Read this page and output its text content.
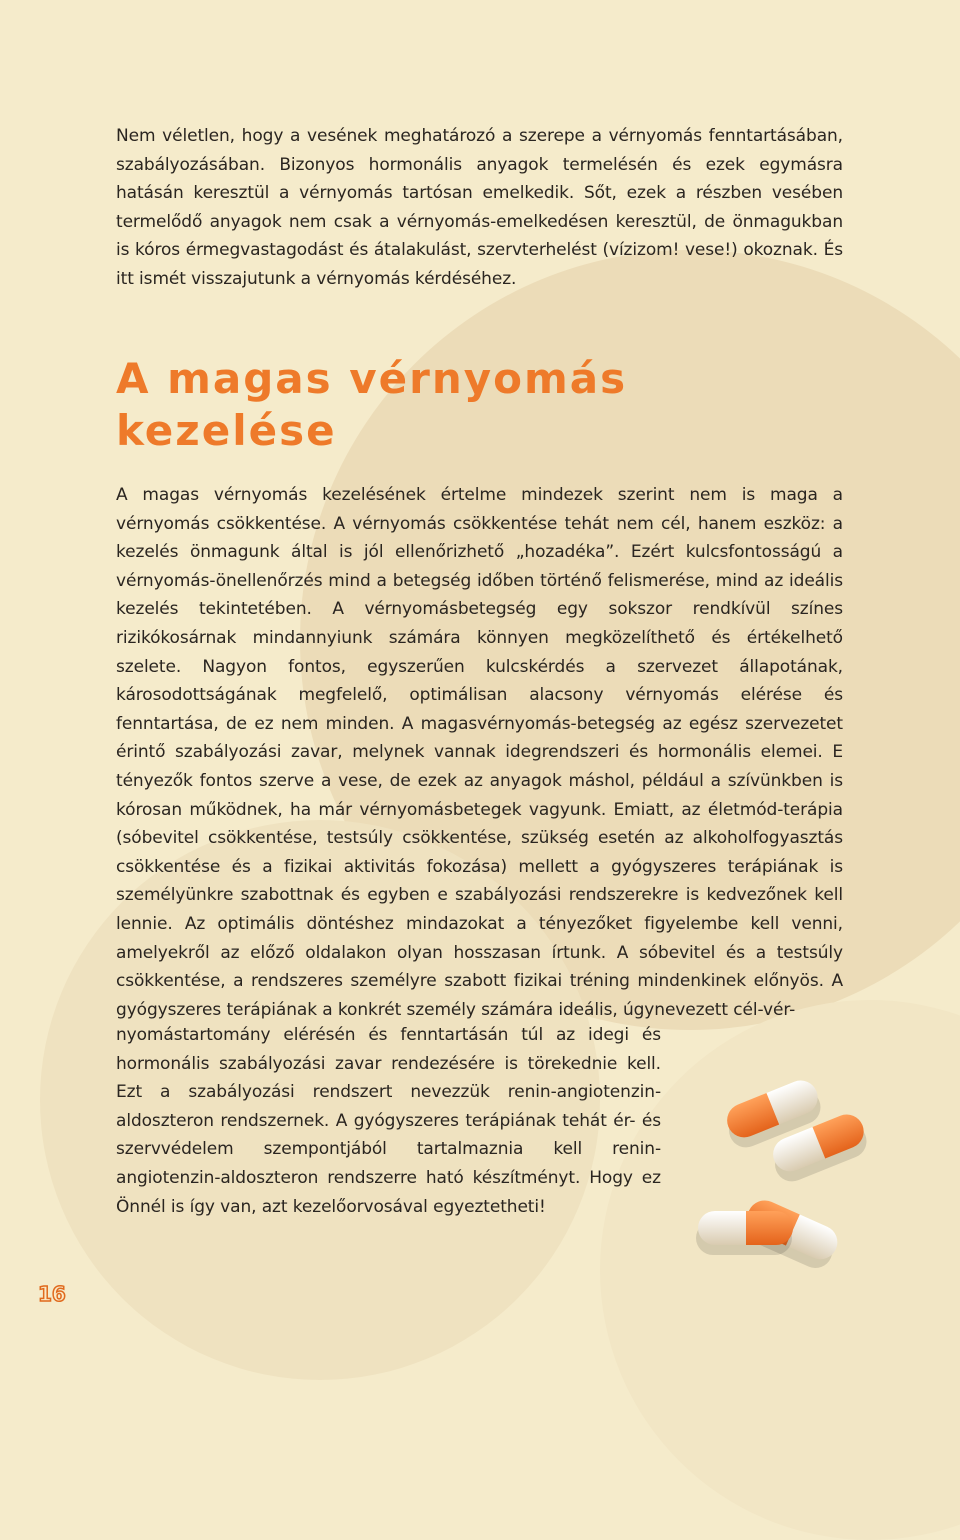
Nem véletlen, hogy a vesének meghatározó a szerepe a vérnyomás fenntartásában, szabályozásában. Bizonyos hormonális anyagok termelésén és ezek egymásra hatásán keresztül a vérnyomás tartósan emelkedik. Sőt, ezek a részben vesében termelődő anyagok nem csak a vérnyomás-emelkedésen keresztül, de önmagukban is kóros érmegvastagodást és átalakulást, szervterhelést (vízizom! vese!) okoznak. És itt ismét visszajutunk a vérnyomás kérdéséhez.

A magas vérnyomás
kezelése

A magas vérnyomás kezelésének értelme mindezek szerint nem is maga a vérnyomás csökkentése. A vérnyomás csökkentése tehát nem cél, hanem eszköz: a kezelés önmagunk által is jól ellenőrizhető „hozadéka”. Ezért kulcsfontosságú a vérnyomás-önellenőrzés mind a betegség időben történő felismerése, mind az ideális kezelés tekintetében. A vérnyomásbetegség egy sokszor rendkívül színes rizikókosárnak mindannyiunk számára könnyen megközelíthető és értékelhető szelete. Nagyon fontos, egyszerűen kulcskérdés a szervezet állapotának, károsodottságának megfelelő, optimálisan alacsony vérnyomás elérése és fenntartása, de ez nem minden. A magasvérnyomás-betegség az egész szervezetet érintő szabályozási zavar, melynek vannak idegrendszeri és hormonális elemei. E tényezők fontos szerve a vese, de ezek az anyagok máshol, például a szívünkben is kórosan működnek, ha már vérnyomásbetegek vagyunk. Emiatt, az életmód-terápia (sóbevitel csökkentése, testsúly csökkentése, szükség esetén az alkoholfogyasztás csökkentése és a fizikai aktivitás fokozása) mellett a gyógyszeres terápiának is személyünkre szabottnak és egyben e szabályozási rendszerekre is kedvezőnek kell lennie. Az optimális döntéshez mindazokat a tényezőket figyelembe kell venni, amelyekről az előző oldalakon olyan hosszasan írtunk. A sóbevitel és a testsúly csökkentése, a rendszeres személyre szabott fizikai tréning mindenkinek előnyös. A gyógyszeres terápiának a konkrét személy számára ideális, úgynevezett cél-vér-

nyomástartomány elérésén és fenntartásán túl az idegi és hormonális szabályozási zavar rendezésére is törekednie kell. Ezt a szabályozási rendszert nevezzük renin-angiotenzin-aldoszteron rendszernek. A gyógyszeres terápiának tehát ér- és szervvédelem szempontjából tartalmaznia kell renin-angiotenzin-aldoszteron rendszerre ható készítményt. Hogy ez Önnél is így van, azt kezelőorvosával egyeztetheti!

16
